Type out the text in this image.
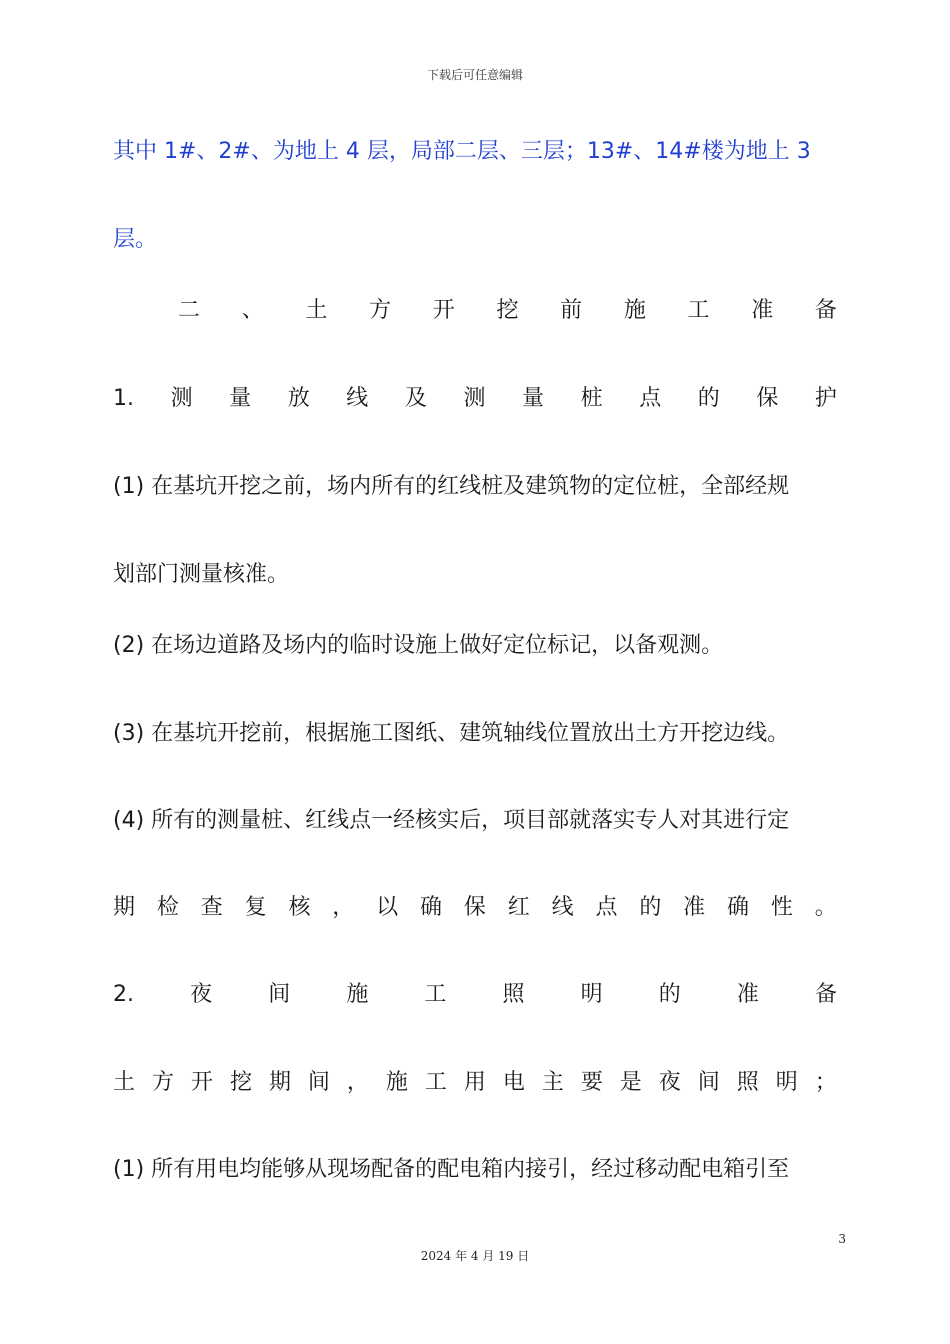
下载后可任意编辑
其中 1#、2#、为地上 4 层，局部二层、三层；13#、14#楼为地上 3
层。
二 、 土 方 开 挖 前 施 工 准 备
1. 测 量 放 线 及 测 量 桩 点 的 保 护
(1) 在基坑开挖之前，场内所有的红线桩及建筑物的定位桩，全部经规
划部门测量核准。
(2) 在场边道路及场内的临时设施上做好定位标记，以备观测。
(3) 在基坑开挖前，根据施工图纸、建筑轴线位置放出土方开挖边线。
(4) 所有的测量桩、红线点一经核实后，项目部就落实专人对其进行定
期 检 查 复 核 ， 以 确 保 红 线 点 的 准 确 性 。
2.	夜	间	施	工	照	明	的	准	备
土 方 开 挖 期 间 ， 施 工 用 电 主 要 是 夜 间 照 明 ；
(1) 所有用电均能够从现场配备的配电箱内接引，经过移动配电箱引至
3
2024 年 4 月 19 日
